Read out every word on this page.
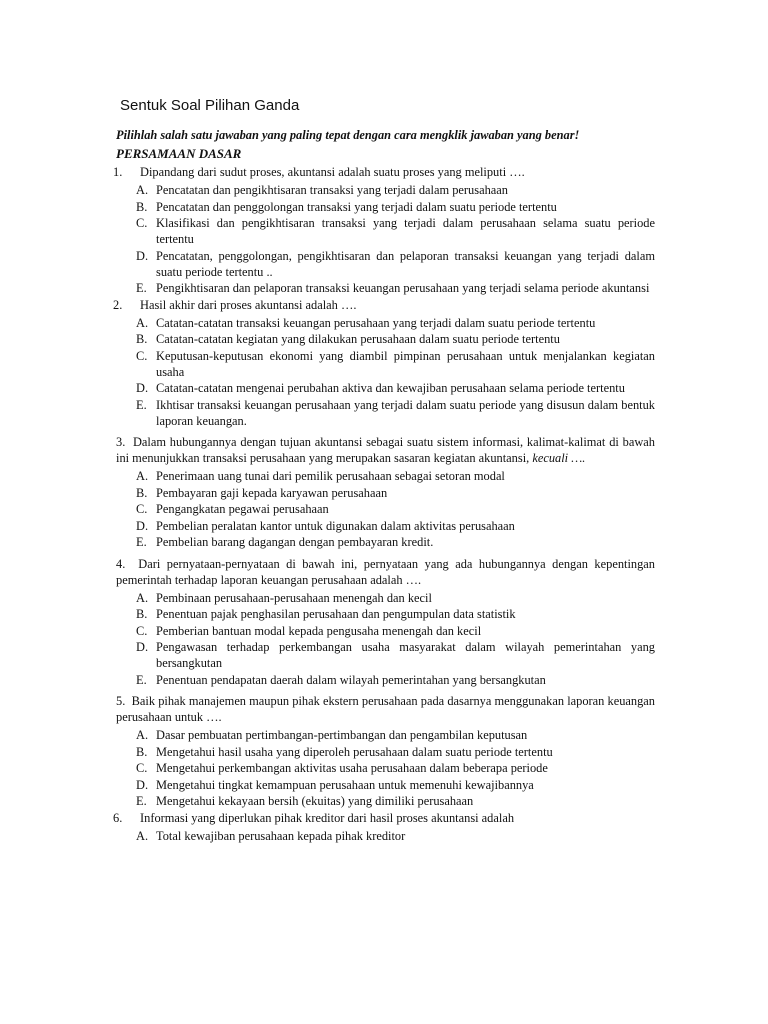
Sentuk Soal Pilihan Ganda
Pilihlah salah satu jawaban yang paling tepat dengan cara mengklik jawaban yang benar!
PERSAMAAN DASAR
1.	Dipandang dari sudut proses, akuntansi adalah suatu proses yang meliputi ….
A. Pencatatan dan pengikhtisaran transaksi yang terjadi dalam perusahaan
B. Pencatatan dan penggolongan transaksi yang terjadi dalam suatu periode tertentu
C. Klasifikasi dan pengikhtisaran transaksi yang terjadi dalam perusahaan selama suatu periode tertentu
D. Pencatatan, penggolongan, pengikhtisaran dan pelaporan transaksi keuangan yang terjadi dalam suatu periode tertentu ..
E. Pengikhtisaran dan pelaporan transaksi keuangan perusahaan yang terjadi selama periode akuntansi
2.	Hasil akhir dari proses akuntansi adalah ….
A. Catatan-catatan transaksi keuangan perusahaan yang terjadi dalam suatu periode tertentu
B. Catatan-catatan kegiatan yang dilakukan perusahaan dalam suatu periode tertentu
C. Keputusan-keputusan ekonomi yang diambil pimpinan perusahaan untuk menjalankan kegiatan usaha
D. Catatan-catatan mengenai perubahan aktiva dan kewajiban perusahaan selama periode tertentu
E. Ikhtisar transaksi keuangan perusahaan yang terjadi dalam suatu periode yang disusun dalam bentuk laporan keuangan.
3. Dalam hubungannya dengan tujuan akuntansi sebagai suatu sistem informasi, kalimat-kalimat di bawah ini menunjukkan transaksi perusahaan yang merupakan sasaran kegiatan akuntansi, kecuali ….
A. Penerimaan uang tunai dari pemilik perusahaan sebagai setoran modal
B. Pembayaran gaji kepada karyawan perusahaan
C. Pengangkatan pegawai perusahaan
D. Pembelian peralatan kantor untuk digunakan dalam aktivitas perusahaan
E. Pembelian barang dagangan dengan pembayaran kredit.
4. Dari pernyataan-pernyataan di bawah ini, pernyataan yang ada hubungannya dengan kepentingan pemerintah terhadap laporan keuangan perusahaan adalah ….
A. Pembinaan perusahaan-perusahaan menengah dan kecil
B. Penentuan pajak penghasilan perusahaan dan pengumpulan data statistik
C. Pemberian bantuan modal kepada pengusaha menengah dan kecil
D. Pengawasan terhadap perkembangan usaha masyarakat dalam wilayah pemerintahan yang bersangkutan
E. Penentuan pendapatan daerah dalam wilayah pemerintahan yang bersangkutan
5. Baik pihak manajemen maupun pihak ekstern perusahaan pada dasarnya menggunakan laporan keuangan perusahaan untuk ….
A. Dasar pembuatan pertimbangan-pertimbangan dan pengambilan keputusan
B. Mengetahui hasil usaha yang diperoleh perusahaan dalam suatu periode tertentu
C. Mengetahui perkembangan aktivitas usaha perusahaan dalam beberapa periode
D. Mengetahui tingkat kemampuan perusahaan untuk memenuhi kewajibannya
E. Mengetahui kekayaan bersih (ekuitas) yang dimiliki perusahaan
6.	Informasi yang diperlukan pihak kreditor dari hasil proses akuntansi adalah
A. Total kewajiban perusahaan kepada pihak kreditor
